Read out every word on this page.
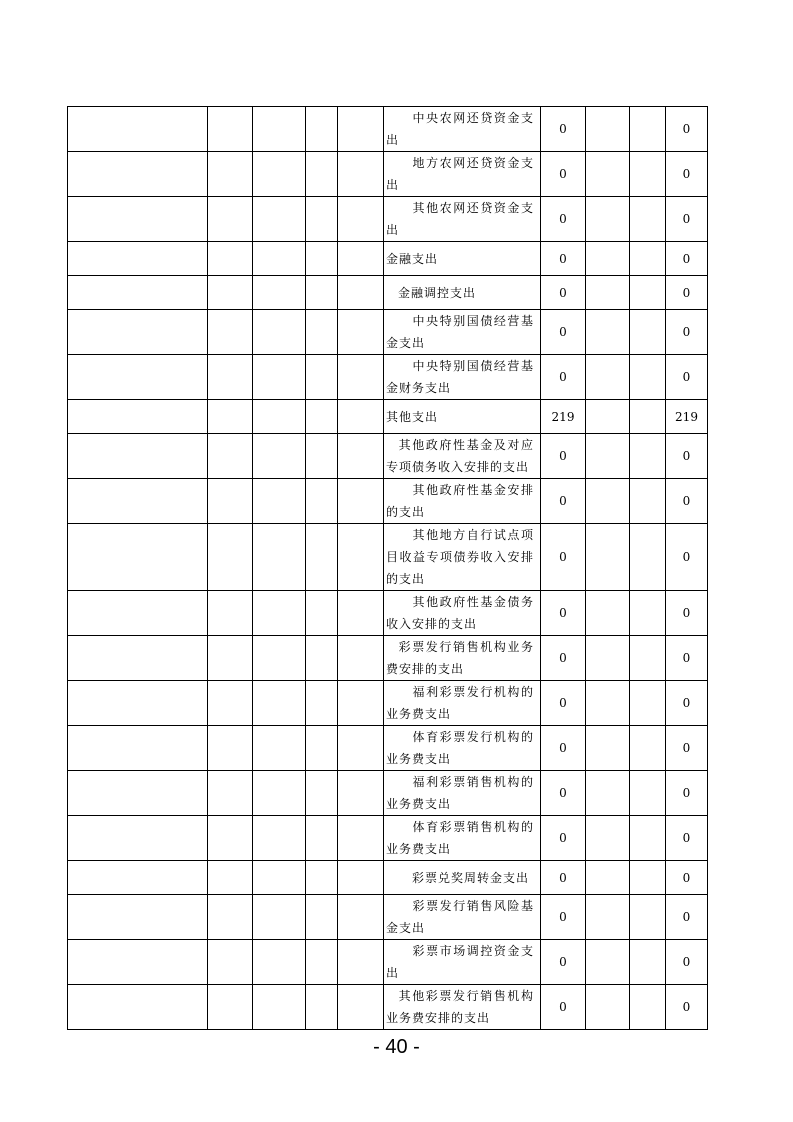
					中央农网还贷资金支出	0			0
					地方农网还贷资金支出	0			0
					其他农网还贷资金支出	0			0
					金融支出	0			0
					金融调控支出	0			0
					中央特别国债经营基金支出	0			0
					中央特别国债经营基金财务支出	0			0
					其他支出	219			219
					其他政府性基金及对应专项债务收入安排的支出	0			0
					其他政府性基金安排的支出	0			0
					其他地方自行试点项目收益专项债券收入安排的支出	0			0
					其他政府性基金债务收入安排的支出	0			0
					彩票发行销售机构业务费安排的支出	0			0
					福利彩票发行机构的业务费支出	0			0
					体育彩票发行机构的业务费支出	0			0
					福利彩票销售机构的业务费支出	0			0
					体育彩票销售机构的业务费支出	0			0
					彩票兑奖周转金支出	0			0
					彩票发行销售风险基金支出	0			0
					彩票市场调控资金支出	0			0
					其他彩票发行销售机构业务费安排的支出	0			0
- 40 -
